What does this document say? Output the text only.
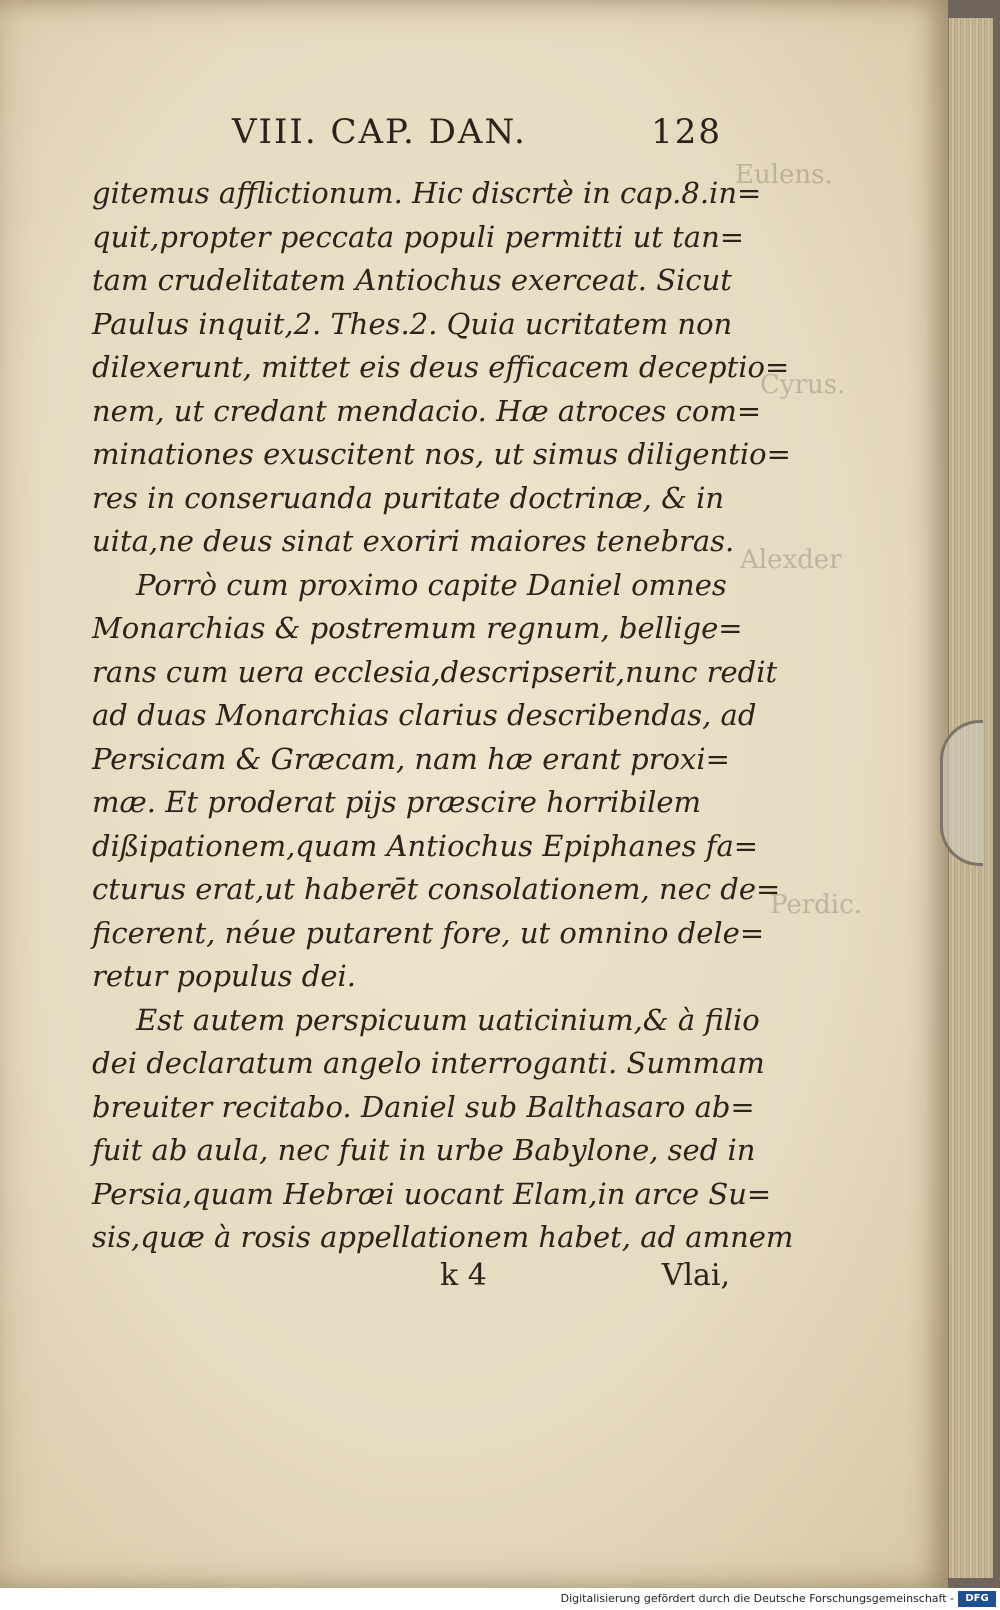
Eulens.
Cyrus.
Alexder
Perdic.
VIII. CAP. DAN.	128
gitemus afflictionum. Hic discrtè in cap.8.in=
quit,propter peccata populi permitti ut tan=
tam crudelitatem Antiochus exerceat. Sicut
Paulus inquit,2. Thes.2. Quia ucritatem non
dilexerunt, mittet eis deus efficacem deceptio=
nem, ut credant mendacio. Hæ atroces com=
minationes exuscitent nos, ut simus diligentio=
res in conseruanda puritate doctrinæ, & in
uita,ne deus sinat exoriri maiores tenebras.
Porrò cum proximo capite Daniel omnes
Monarchias & postremum regnum, bellige=
rans cum uera ecclesia,descripserit,nunc redit
ad duas Monarchias clarius describendas, ad
Persicam & Græcam, nam hæ erant proxi=
mæ. Et proderat pijs præscire horribilem
dißipationem,quam Antiochus Epiphanes fa=
cturus erat,ut haberēt consolationem, nec de=
ficerent, néue putarent fore, ut omnino dele=
retur populus dei.
Est autem perspicuum uaticinium,& à filio
dei declaratum angelo interroganti. Summam
breuiter recitabo. Daniel sub Balthasaro ab=
fuit ab aula, nec fuit in urbe Babylone, sed in
Persia,quam Hebræi uocant Elam,in arce Su=
sis,quæ à rosis appellationem habet, ad amnem
k 4	Vlai,
Digitalisierung gefördert durch die Deutsche Forschungsgemeinschaft -	DFG
